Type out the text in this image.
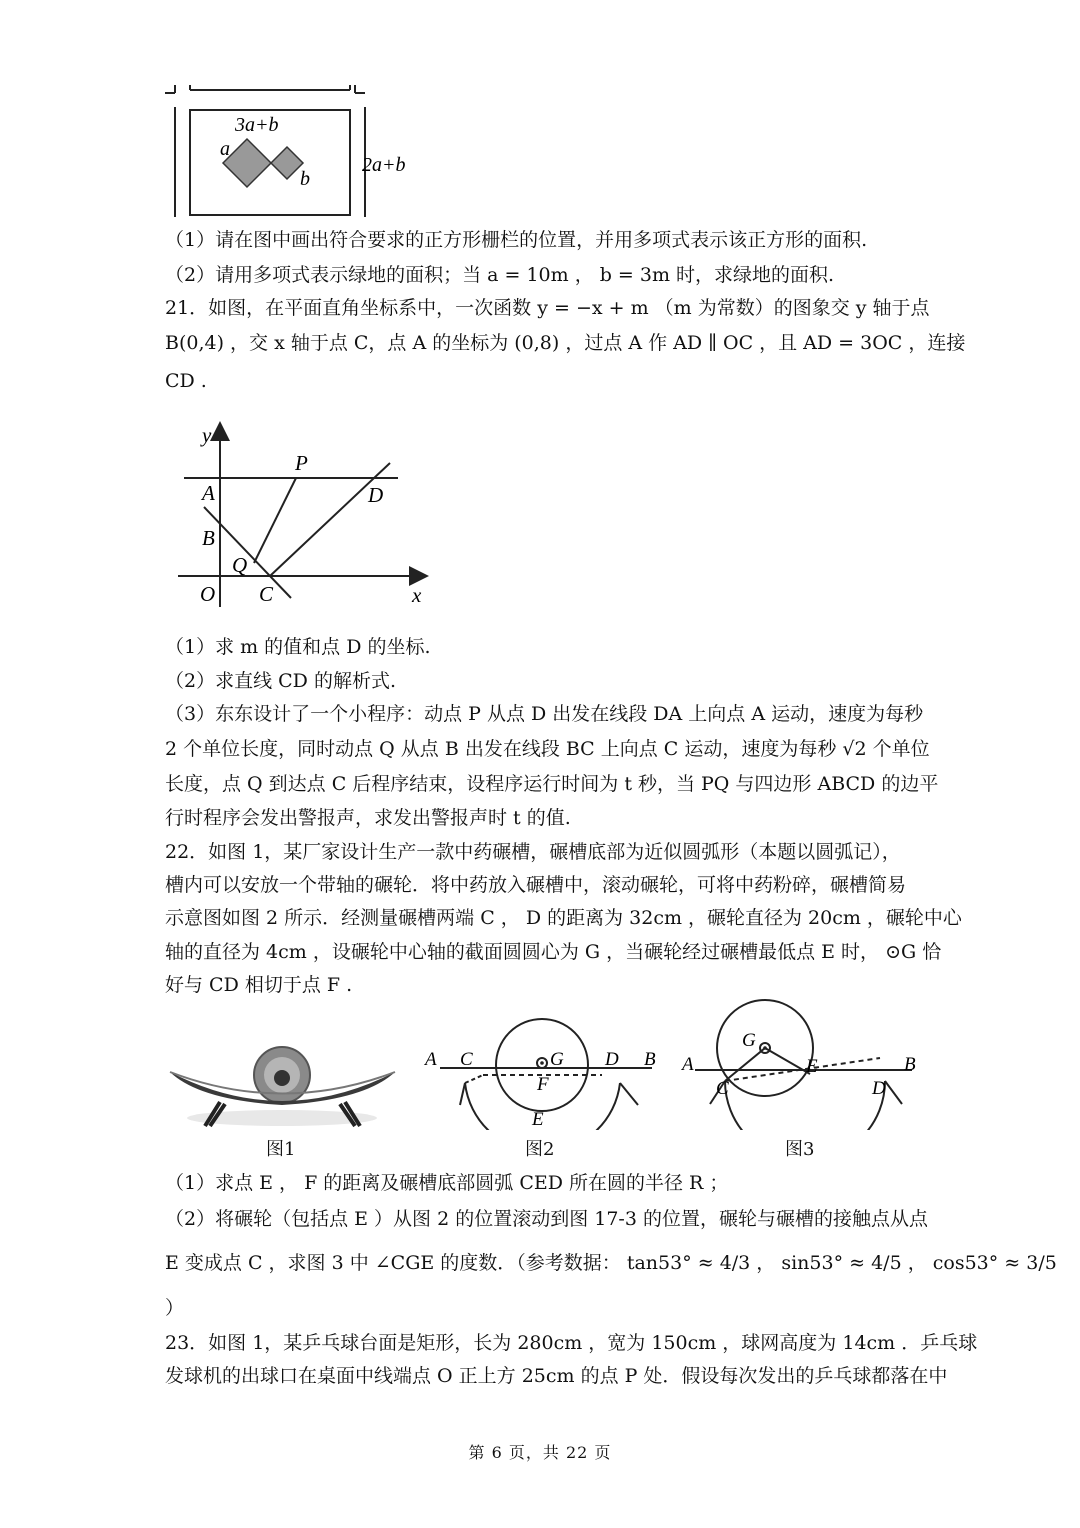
3a+b
a
b
2a+b
（1）请在图中画出符合要求的正方形栅栏的位置，并用多项式表示该正方形的面积.
（2）请用多项式表示绿地的面积；当 a = 10m ， b = 3m 时，求绿地的面积.
21．如图，在平面直角坐标系中，一次函数 y = −x + m （m 为常数）的图象交 y 轴于点
B(0,4) ，交 x 轴于点 C，点 A 的坐标为 (0,8) ，过点 A 作 AD ∥ OC ，且 AD = 3OC ，连接
CD .
y
x
O
A
B
C
D
P
Q
（1）求 m 的值和点 D 的坐标.
（2）求直线 CD 的解析式.
（3）东东设计了一个小程序：动点 P 从点 D 出发在线段 DA 上向点 A 运动，速度为每秒
2 个单位长度，同时动点 Q 从点 B 出发在线段 BC 上向点 C 运动，速度为每秒 √2 个单位
长度，点 Q 到达点 C 后程序结束，设程序运行时间为 t 秒，当 PQ 与四边形 ABCD 的边平
行时程序会发出警报声，求发出警报声时 t 的值.
22．如图 1，某厂家设计生产一款中药碾槽，碾槽底部为近似圆弧形（本题以圆弧记），
槽内可以安放一个带轴的碾轮．将中药放入碾槽中，滚动碾轮，可将中药粉碎，碾槽简易
示意图如图 2 所示．经测量碾槽两端 C ， D 的距离为 32cm ，碾轮直径为 20cm ，碾轮中心
轴的直径为 4cm ，设碾轮中心轴的截面圆圆心为 G ，当碾轮经过碾槽最低点 E 时， ⊙G 恰
好与 CD 相切于点 F .
A C	G D B
F
E
A
G
E	B
C	D
图1	图2	图3
（1）求点 E ， F 的距离及碾槽底部圆弧 CED 所在圆的半径 R ；
（2）将碾轮（包括点 E ）从图 2 的位置滚动到图 17-3 的位置，碾轮与碾槽的接触点从点
E 变成点 C ，求图 3 中 ∠CGE 的度数．（参考数据： tan53° ≈ 4/3 ， sin53° ≈ 4/5 ， cos53° ≈ 3/5
）
23．如图 1，某乒乓球台面是矩形，长为 280cm ，宽为 150cm ，球网高度为 14cm ．乒乓球
发球机的出球口在桌面中线端点 O 正上方 25cm 的点 P 处．假设每次发出的乒乓球都落在中
第 6 页，共 22 页
